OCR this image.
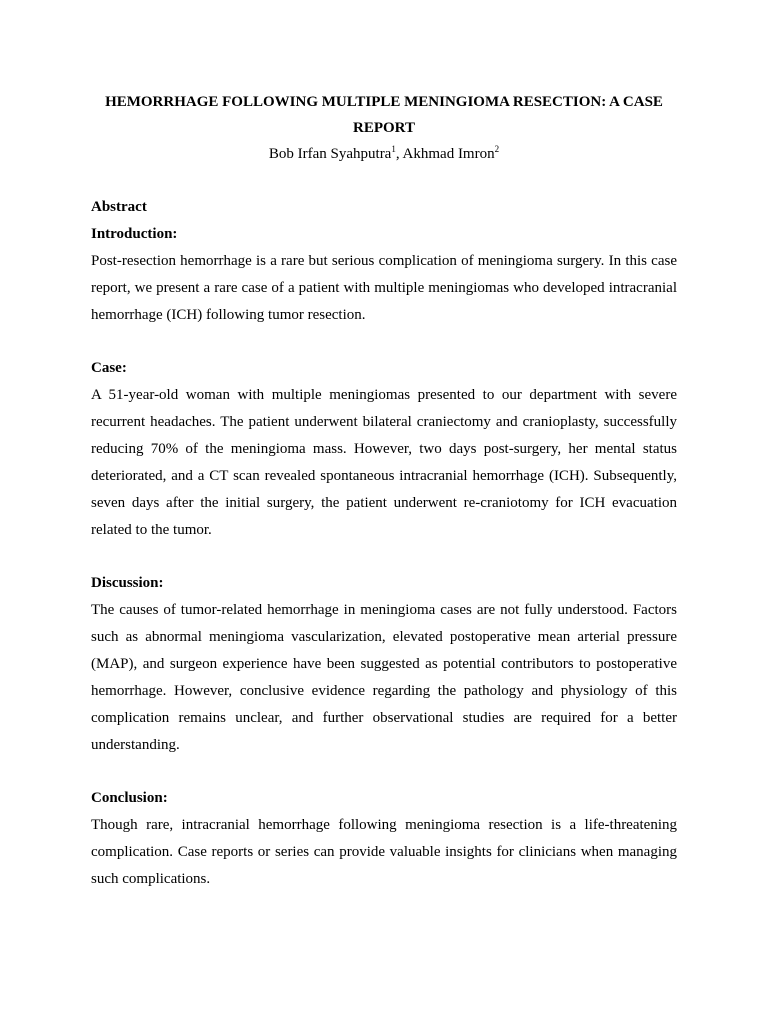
HEMORRHAGE FOLLOWING MULTIPLE MENINGIOMA RESECTION: A CASE REPORT

Bob Irfan Syahputra$^1$, Akhmad Imron$^2$

Abstract
Introduction:

Post-resection hemorrhage is a rare but serious complication of meningioma surgery. In this case report, we present a rare case of a patient with multiple meningiomas who developed intracranial hemorrhage (ICH) following tumor resection.

Case:

A 51-year-old woman with multiple meningiomas presented to our department with severe recurrent headaches. The patient underwent bilateral craniectomy and cranioplasty, successfully reducing 70% of the meningioma mass. However, two days post-surgery, her mental status deteriorated, and a CT scan revealed spontaneous intracranial hemorrhage (ICH). Subsequently, seven days after the initial surgery, the patient underwent re-craniotomy for ICH evacuation related to the tumor.

Discussion:

The causes of tumor-related hemorrhage in meningioma cases are not fully understood. Factors such as abnormal meningioma vascularization, elevated postoperative mean arterial pressure (MAP), and surgeon experience have been suggested as potential contributors to postoperative hemorrhage. However, conclusive evidence regarding the pathology and physiology of this complication remains unclear, and further observational studies are required for a better understanding.

Conclusion:

Though rare, intracranial hemorrhage following meningioma resection is a life-threatening complication. Case reports or series can provide valuable insights for clinicians when managing such complications.
